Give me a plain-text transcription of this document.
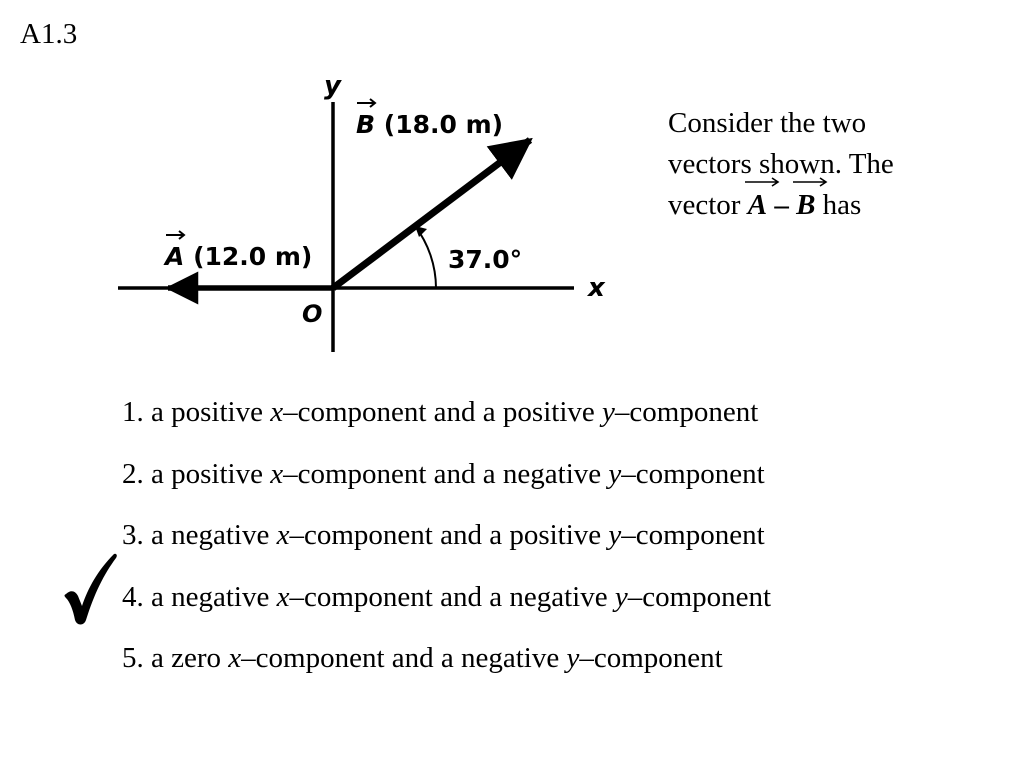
A1.3
y
x
O
37.0°
B (18.0 m)
A (12.0 m)
Consider the two
vectors shown. The
vector
A –
B has
1. a positive x–component and a positive y–component
2. a positive x–component and a negative y–component
3. a negative x–component and a positive y–component
4. a negative x–component and a negative y–component
5. a zero x–component and a negative y–component
